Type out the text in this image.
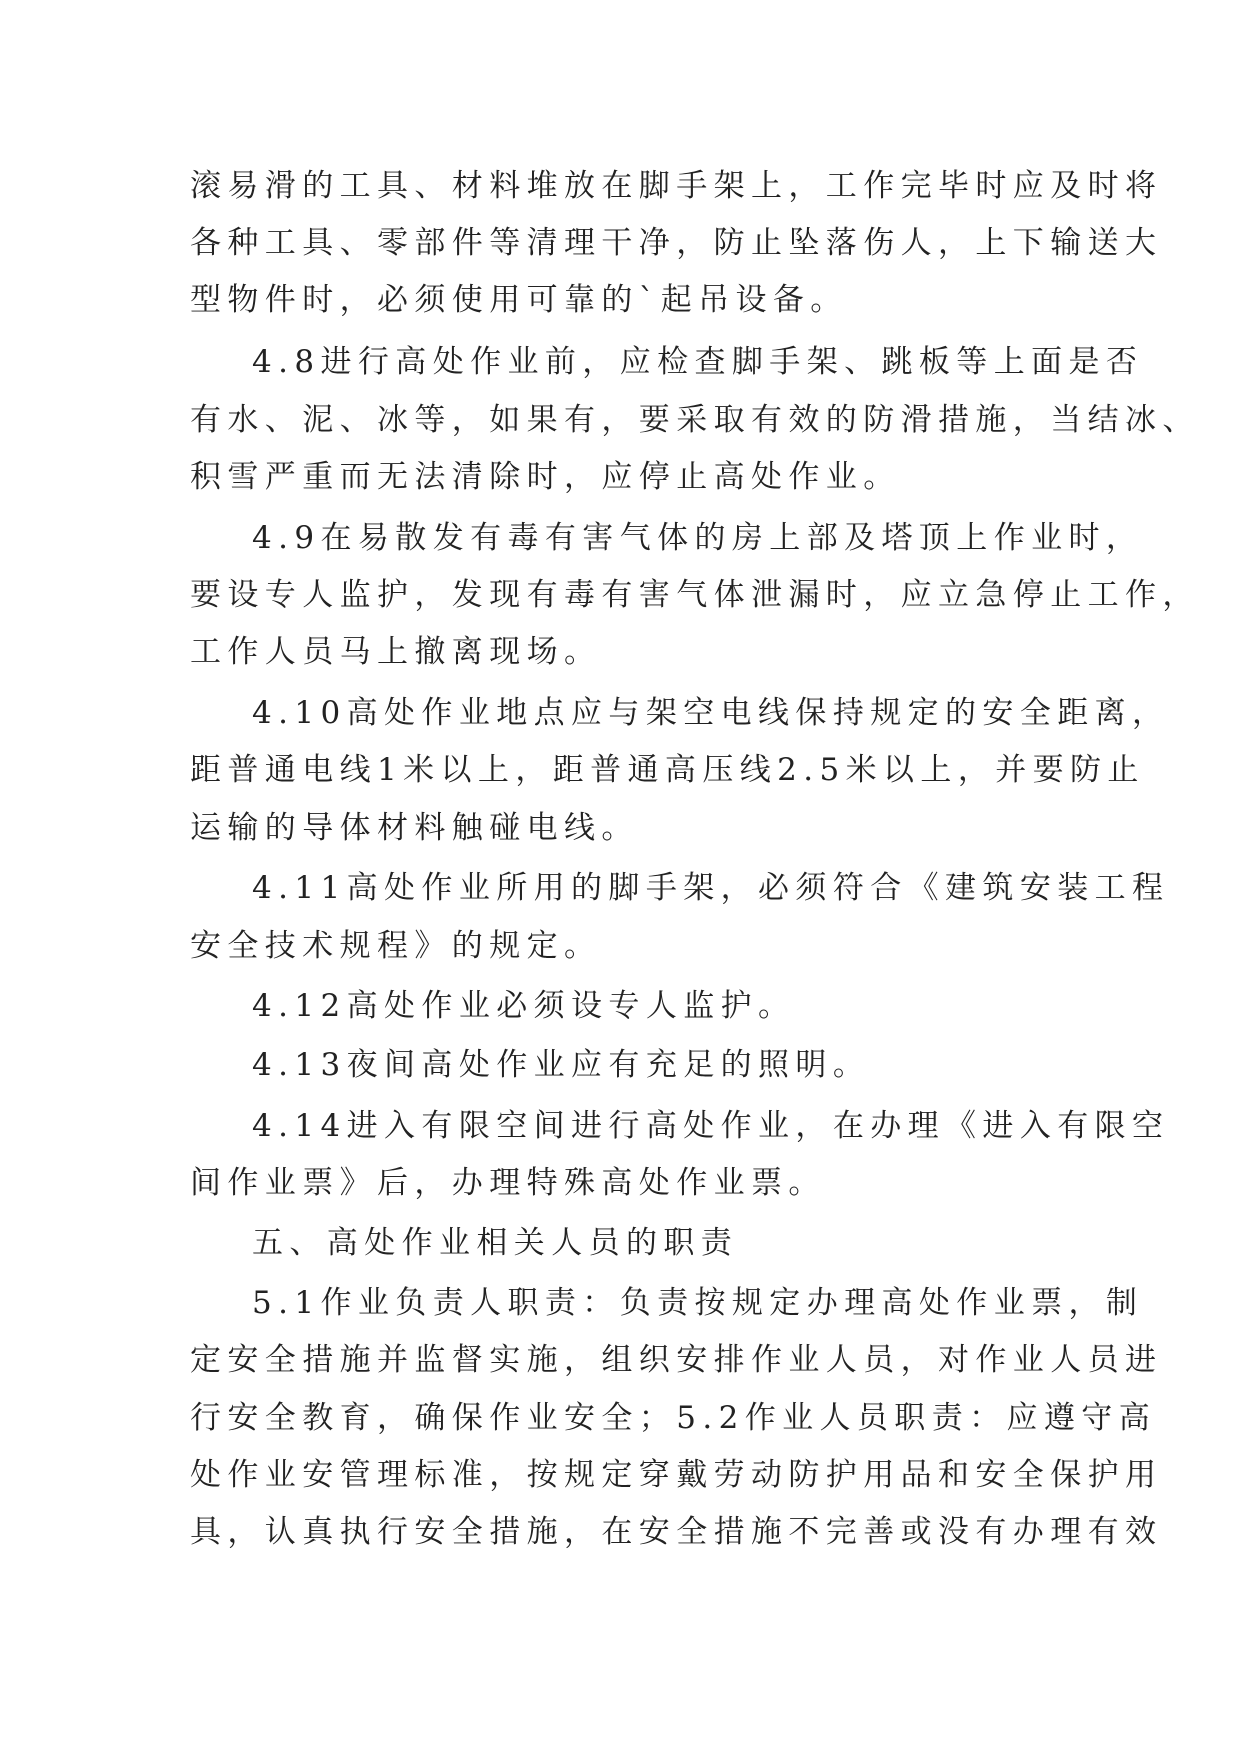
滚易滑的工具、材料堆放在脚手架上，工作完毕时应及时将
各种工具、零部件等清理干净，防止坠落伤人，上下输送大
型物件时，必须使用可靠的`起吊设备。
4.8进行高处作业前，应检查脚手架、跳板等上面是否
有水、泥、冰等，如果有，要采取有效的防滑措施，当结冰、
积雪严重而无法清除时，应停止高处作业。
4.9在易散发有毒有害气体的房上部及塔顶上作业时，
要设专人监护，发现有毒有害气体泄漏时，应立急停止工作，
工作人员马上撤离现场。
4.10高处作业地点应与架空电线保持规定的安全距离，
距普通电线1米以上，距普通高压线2.5米以上，并要防止
运输的导体材料触碰电线。
4.11高处作业所用的脚手架，必须符合《建筑安装工程
安全技术规程》的规定。
4.12高处作业必须设专人监护。
4.13夜间高处作业应有充足的照明。
4.14进入有限空间进行高处作业，在办理《进入有限空
间作业票》后，办理特殊高处作业票。
五、高处作业相关人员的职责
5.1作业负责人职责：负责按规定办理高处作业票，制
定安全措施并监督实施，组织安排作业人员，对作业人员进
行安全教育，确保作业安全；5.2作业人员职责：应遵守高
处作业安管理标准，按规定穿戴劳动防护用品和安全保护用
具，认真执行安全措施，在安全措施不完善或没有办理有效
